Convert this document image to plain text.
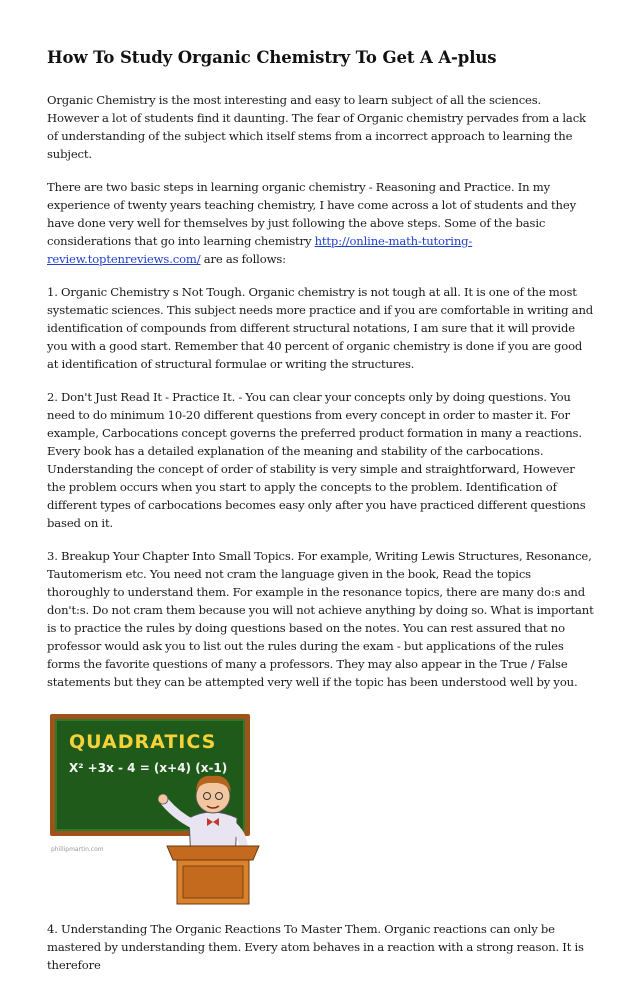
How To Study Organic Chemistry To Get A A-plus

Organic Chemistry is the most interesting and easy to learn subject of all the sciences. However a lot of students find it daunting. The fear of Organic chemistry pervades from a lack of understanding of the subject which itself stems from a incorrect approach to learning the subject.

There are two basic steps in learning organic chemistry - Reasoning and Practice. In my experience of twenty years teaching chemistry, I have come across a lot of students and they have done very well for themselves by just following the above steps. Some of the basic considerations that go into learning chemistry http://online-math-tutoring-review.toptenreviews.com/ are as follows:

1. Organic Chemistry s Not Tough. Organic chemistry is not tough at all. It is one of the most systematic sciences. This subject needs more practice and if you are comfortable in writing and identification of compounds from different structural notations, I am sure that it will provide you with a good start. Remember that 40 percent of organic chemistry is done if you are good at identification of structural formulae or writing the structures.

2. Don't Just Read It - Practice It. - You can clear your concepts only by doing questions. You need to do minimum 10-20 different questions from every concept in order to master it. For example, Carbocations concept governs the preferred product formation in many a reactions. Every book has a detailed explanation of the meaning and stability of the carbocations. Understanding the concept of order of stability is very simple and straightforward, However the problem occurs when you start to apply the concepts to the problem. Identification of different types of carbocations becomes easy only after you have practiced different questions based on it.

3. Breakup Your Chapter Into Small Topics. For example, Writing Lewis Structures, Resonance, Tautomerism etc. You need not cram the language given in the book, Read the topics thoroughly to understand them. For example in the resonance topics, there are many do:s and don't:s. Do not cram them because you will not achieve anything by doing so. What is important is to practice the rules by doing questions based on the notes. You can rest assured that no professor would ask you to list out the rules during the exam - but applications of the rules forms the favorite questions of many a professors. They may also appear in the True / False statements but they can be attempted very well if the topic has been understood well by you.

QUADRATICS
X² +3x - 4 = (x+4) (x-1)
phillipmartin.com

4. Understanding The Organic Reactions To Master Them. Organic reactions can only be mastered by understanding them. Every atom behaves in a reaction with a strong reason. It is therefore
